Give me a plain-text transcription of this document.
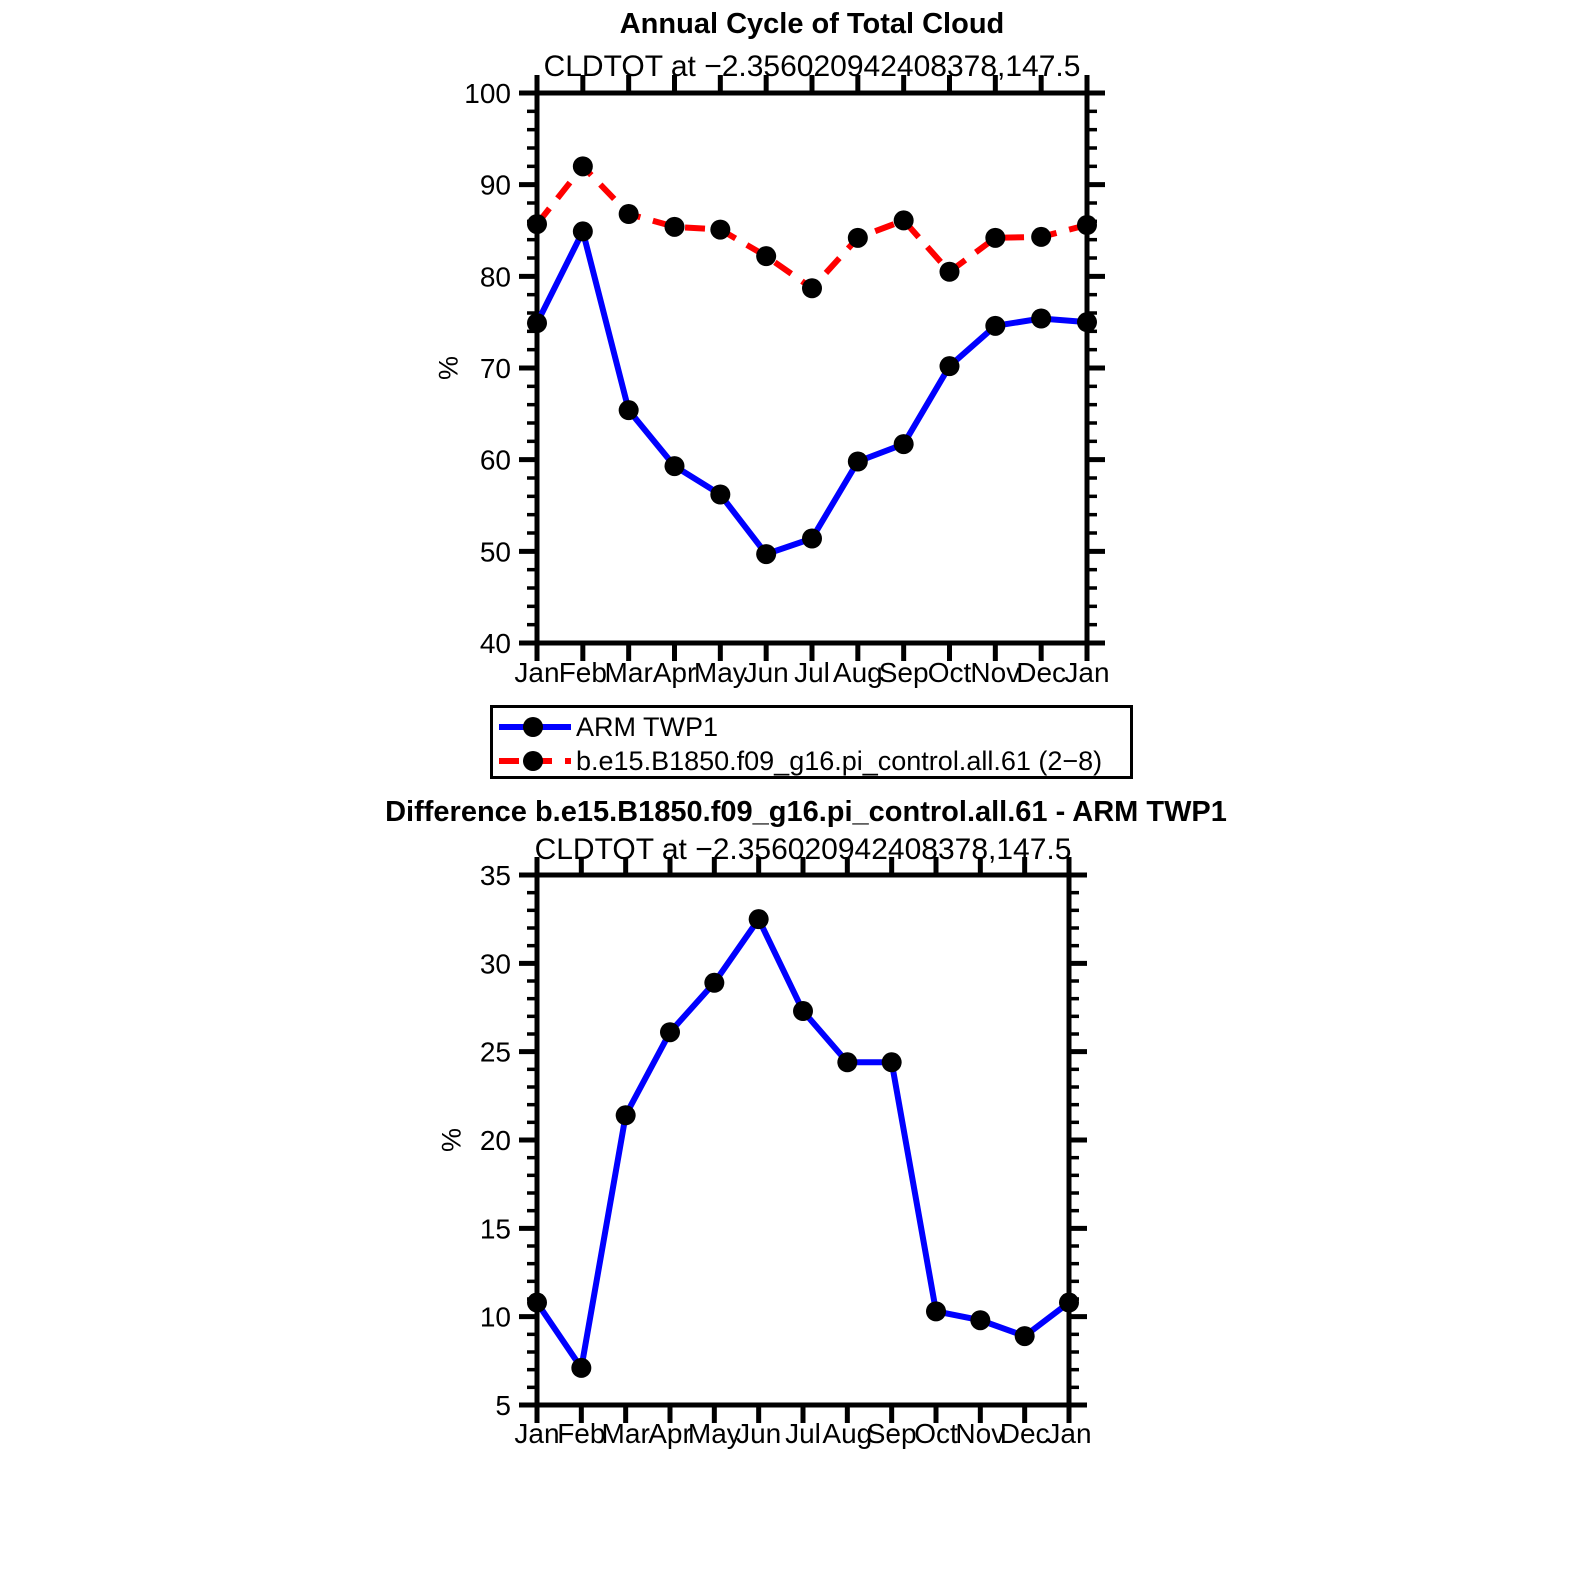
Jan Feb
Mar Apr
May
Jun Jul Aug
Sep Oct Nov
Dec
Jan
40
50
60
70
80
90
100
Jan
Feb
Mar
Apr
May
Jun Jul Aug
Sep
Oct
Nov
Dec
Jan
5
10
15
20
25
30
35
Annual Cycle of Total Cloud
CLDTOT at −2.356020942408378,147.5
%
ARM TWP1
b.e15.B1850.f09_g16.pi_control.all.61 (2−8)
Difference b.e15.B1850.f09_g16.pi_control.all.61 - ARM TWP1
CLDTOT at −2.356020942408378,147.5
%
